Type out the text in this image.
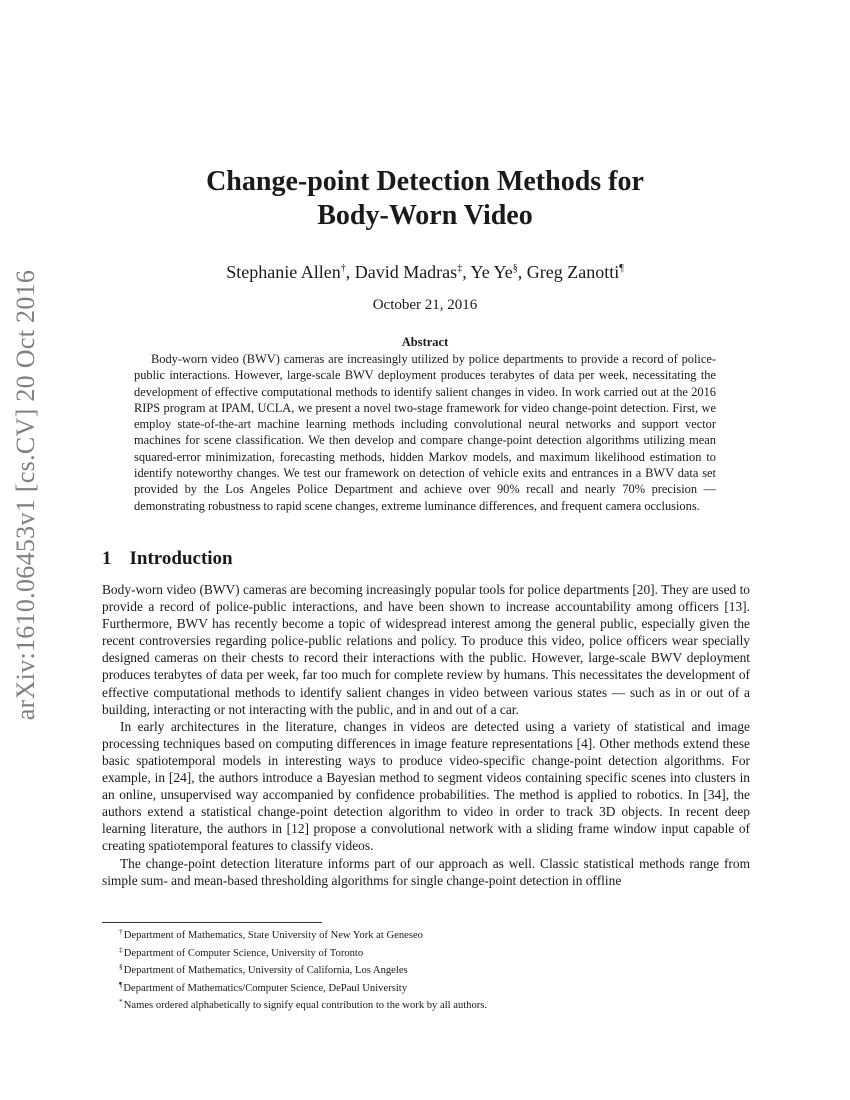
arXiv:1610.06453v1 [cs.CV] 20 Oct 2016
Change-point Detection Methods for
Body-Worn Video
Stephanie Allen†, David Madras‡, Ye Ye§, Greg Zanotti¶
October 21, 2016
Abstract

Body-worn video (BWV) cameras are increasingly utilized by police departments to provide a record of police-public interactions. However, large-scale BWV deployment produces terabytes of data per week, necessitating the development of effective computational methods to identify salient changes in video. In work carried out at the 2016 RIPS program at IPAM, UCLA, we present a novel two-stage framework for video change-point detection. First, we employ state-of-the-art machine learning methods including convolutional neural networks and support vector machines for scene classification. We then develop and compare change-point detection algorithms utilizing mean squared-error minimization, forecasting methods, hidden Markov models, and maximum likelihood estimation to identify noteworthy changes. We test our framework on detection of vehicle exits and entrances in a BWV data set provided by the Los Angeles Police Department and achieve over 90% recall and nearly 70% precision — demonstrating robustness to rapid scene changes, extreme luminance differences, and frequent camera occlusions.

1 Introduction

Body-worn video (BWV) cameras are becoming increasingly popular tools for police departments [20]. They are used to provide a record of police-public interactions, and have been shown to increase accountability among officers [13]. Furthermore, BWV has recently become a topic of widespread interest among the general public, especially given the recent controversies regarding police-public relations and policy. To produce this video, police officers wear specially designed cameras on their chests to record their interactions with the public. However, large-scale BWV deployment produces terabytes of data per week, far too much for complete review by humans. This necessitates the development of effective computational methods to identify salient changes in video between various states — such as in or out of a building, interacting or not interacting with the public, and in and out of a car.

In early architectures in the literature, changes in videos are detected using a variety of statistical and image processing techniques based on computing differences in image feature representations [4]. Other methods extend these basic spatiotemporal models in interesting ways to produce video-specific change-point detection algorithms. For example, in [24], the authors introduce a Bayesian method to segment videos containing specific scenes into clusters in an online, unsupervised way accompanied by confidence probabilities. The method is applied to robotics. In [34], the authors extend a statistical change-point detection algorithm to video in order to track 3D objects. In recent deep learning literature, the authors in [12] propose a convolutional network with a sliding frame window input capable of creating spatiotemporal features to classify videos.

The change-point detection literature informs part of our approach as well. Classic statistical methods range from simple sum- and mean-based thresholding algorithms for single change-point detection in offline

†Department of Mathematics, State University of New York at Geneseo
‡Department of Computer Science, University of Toronto
§Department of Mathematics, University of California, Los Angeles
¶Department of Mathematics/Computer Science, DePaul University
*Names ordered alphabetically to signify equal contribution to the work by all authors.
